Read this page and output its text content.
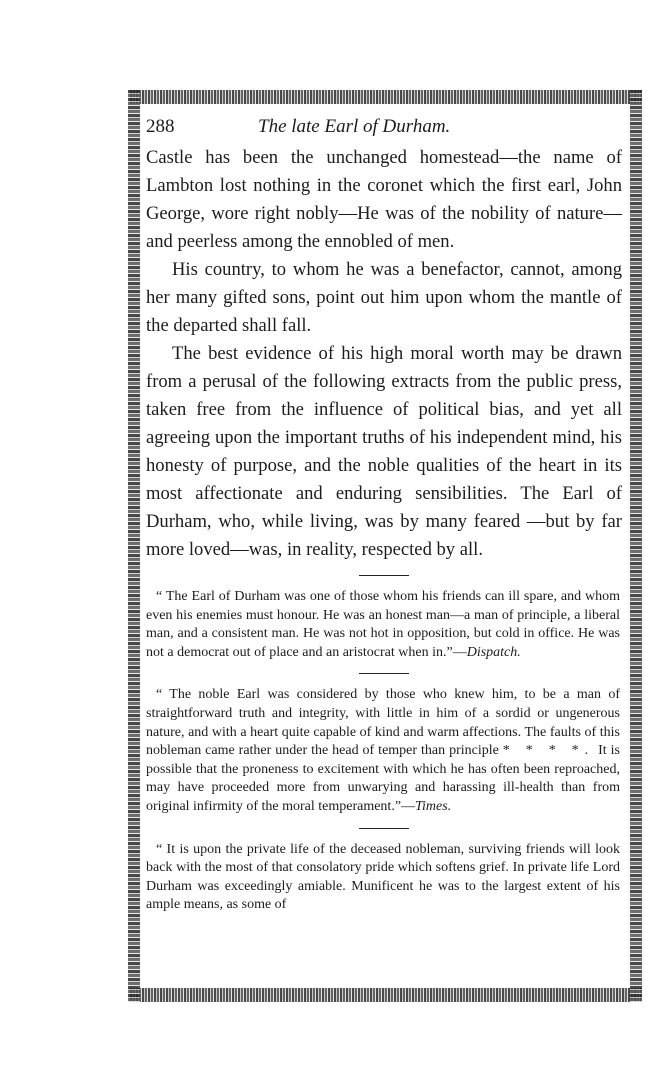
288	The late Earl of Durham.

Castle has been the unchanged homestead—the name of Lambton lost nothing in the coronet which the first earl, John George, wore right nobly—He was of the nobility of nature—and peerless among the ennobled of men.

His country, to whom he was a benefactor, cannot, among her many gifted sons, point out him upon whom the mantle of the departed shall fall.

The best evidence of his high moral worth may be drawn from a perusal of the following extracts from the public press, taken free from the influence of political bias, and yet all agreeing upon the important truths of his independent mind, his honesty of purpose, and the noble qualities of the heart in its most affectionate and enduring sensibilities. The Earl of Durham, who, while living, was by many feared —but by far more loved—was, in reality, respected by all.

“ The Earl of Durham was one of those whom his friends can ill spare, and whom even his enemies must honour. He was an honest man—a man of principle, a liberal man, and a consistent man. He was not hot in opposition, but cold in office. He was not a democrat out of place and an aristocrat when in.”—Dispatch.

“ The noble Earl was considered by those who knew him, to be a man of straightforward truth and integrity, with little in him of a sordid or ungenerous nature, and with a heart quite capable of kind and warm affections. The faults of this nobleman came rather under the head of temper than principle * * * *. It is possible that the proneness to excitement with which he has often been reproached, may have proceeded more from unwarying and harassing ill-health than from original infirmity of the moral temperament.”—Times.

“ It is upon the private life of the deceased nobleman, surviving friends will look back with the most of that consolatory pride which softens grief. In private life Lord Durham was exceedingly amiable. Munificent he was to the largest extent of his ample means, as some of
